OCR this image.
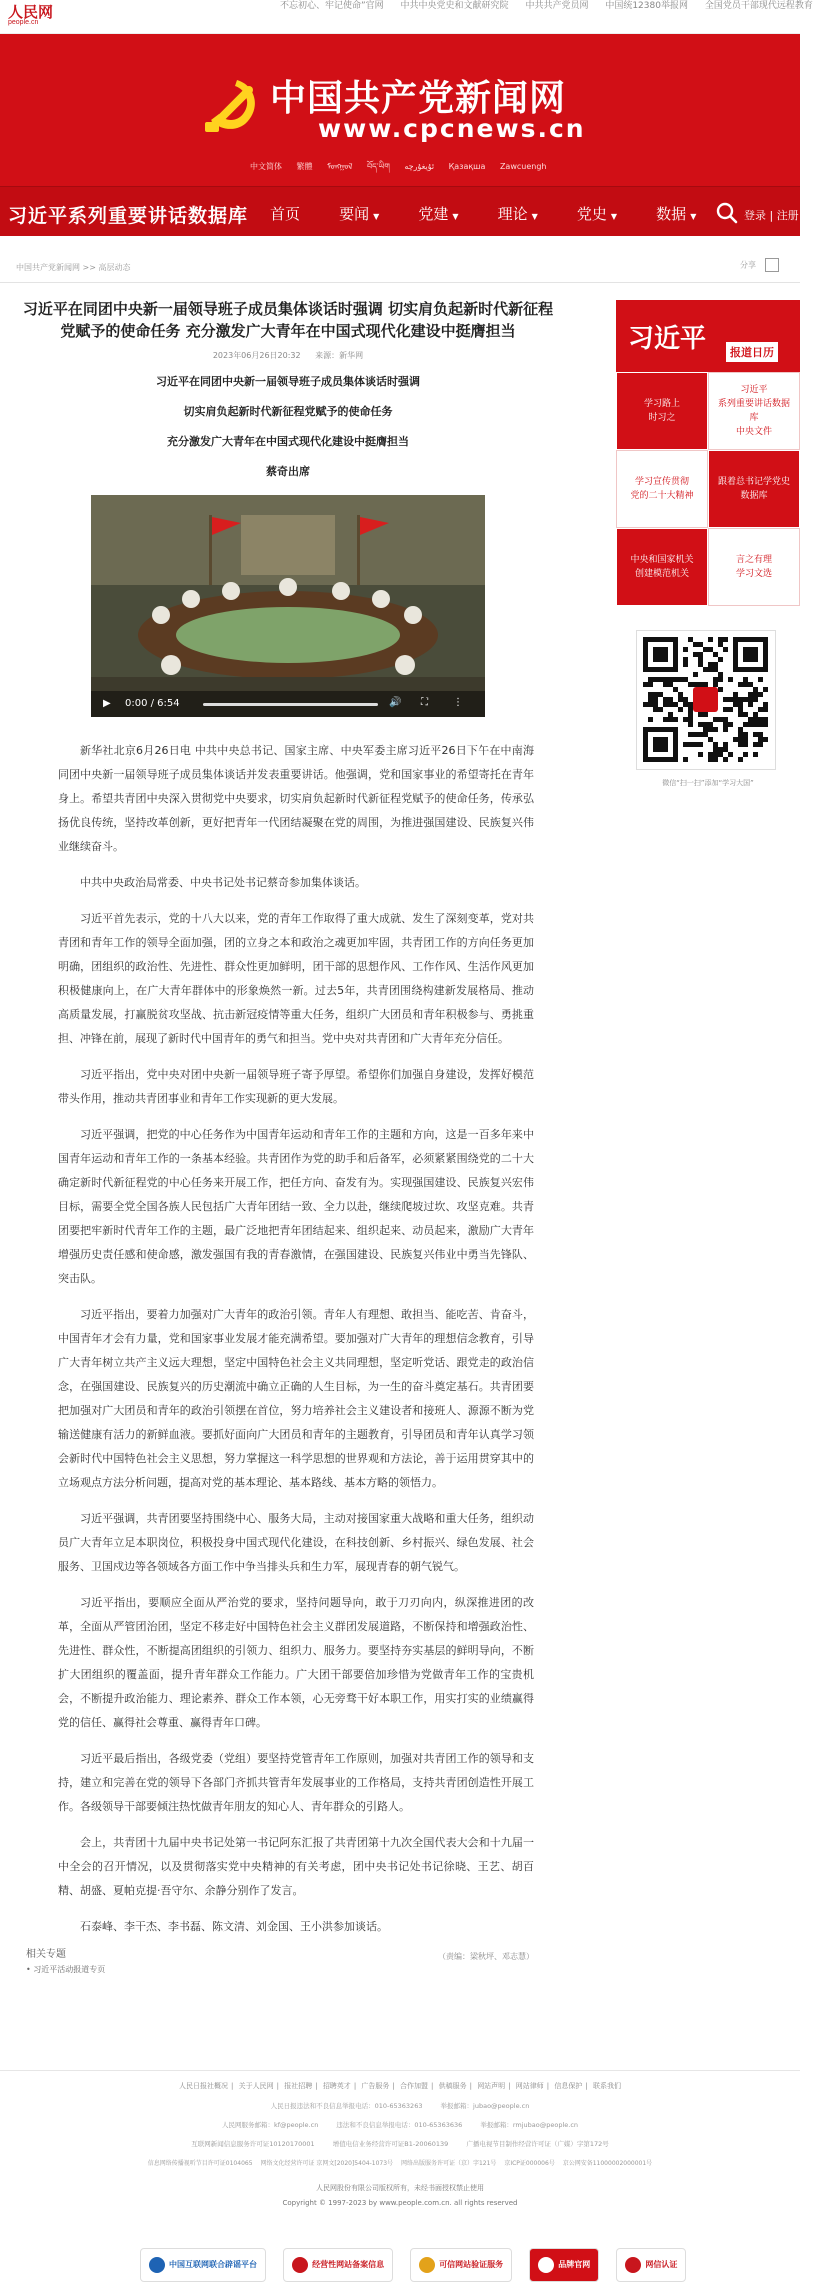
人民网
people.cn
不忘初心、牢记使命”官网 中共中央党史和文献研究院 中共共产党员网 中国统12380举报网 全国党员干部现代远程教育
中国共产党新闻网
www.cpcnews.cn
中文简体 繁體 ᠮᠣᠩᠭᠣᠯ བོད་ཡིག ئۇيغۇرچە Қазақша Zawcuengh
习近平系列重要讲话数据库 首页	要闻 ▼	党建 ▼	理论 ▼	党史 ▼	数据 ▼	登录 | 注册
中国共产党新闻网 >> 高层动态	分享
习近平在同团中央新一届领导班子成员集体谈话时强调 切实肩负起新时代新征程党赋予的使命任务 充分激发广大青年在中国式现代化建设中挺膺担当
2023年06月26日20:32 来源：新华网

习近平在同团中央新一届领导班子成员集体谈话时强调

切实肩负起新时代新征程党赋予的使命任务

充分激发广大青年在中国式现代化建设中挺膺担当

蔡奇出席

▶ 0:00 / 6:54	🔊 ⛶	⋮

新华社北京6月26日电 中共中央总书记、国家主席、中央军委主席习近平26日下午在中南海同团中央新一届领导班子成员集体谈话并发表重要讲话。他强调，党和国家事业的希望寄托在青年身上。希望共青团中央深入贯彻党中央要求，切实肩负起新时代新征程党赋予的使命任务，传承弘扬优良传统，坚持改革创新，更好把青年一代团结凝聚在党的周围，为推进强国建设、民族复兴伟业继续奋斗。

中共中央政治局常委、中央书记处书记蔡奇参加集体谈话。

习近平首先表示，党的十八大以来，党的青年工作取得了重大成就、发生了深刻变革，党对共青团和青年工作的领导全面加强，团的立身之本和政治之魂更加牢固，共青团工作的方向任务更加明确，团组织的政治性、先进性、群众性更加鲜明，团干部的思想作风、工作作风、生活作风更加积极健康向上，在广大青年群体中的形象焕然一新。过去5年，共青团围绕构建新发展格局、推动高质量发展，打赢脱贫攻坚战、抗击新冠疫情等重大任务，组织广大团员和青年积极参与、勇挑重担、冲锋在前，展现了新时代中国青年的勇气和担当。党中央对共青团和广大青年充分信任。

习近平指出，党中央对团中央新一届领导班子寄予厚望。希望你们加强自身建设，发挥好模范带头作用，推动共青团事业和青年工作实现新的更大发展。

习近平强调，把党的中心任务作为中国青年运动和青年工作的主题和方向，这是一百多年来中国青年运动和青年工作的一条基本经验。共青团作为党的助手和后备军，必须紧紧围绕党的二十大确定新时代新征程党的中心任务来开展工作，把任方向、奋发有为。实现强国建设、民族复兴宏伟目标，需要全党全国各族人民包括广大青年团结一致、全力以赴，继续爬坡过坎、攻坚克难。共青团要把牢新时代青年工作的主题，最广泛地把青年团结起来、组织起来、动员起来，激励广大青年增强历史责任感和使命感，激发强国有我的青春激情，在强国建设、民族复兴伟业中勇当先锋队、突击队。

习近平指出，要着力加强对广大青年的政治引领。青年人有理想、敢担当、能吃苦、肯奋斗，中国青年才会有力量，党和国家事业发展才能充满希望。要加强对广大青年的理想信念教育，引导广大青年树立共产主义远大理想，坚定中国特色社会主义共同理想，坚定听党话、跟党走的政治信念，在强国建设、民族复兴的历史潮流中确立正确的人生目标，为一生的奋斗奠定基石。共青团要把加强对广大团员和青年的政治引领摆在首位，努力培养社会主义建设者和接班人、源源不断为党输送健康有活力的新鲜血液。要抓好面向广大团员和青年的主题教育，引导团员和青年认真学习领会新时代中国特色社会主义思想，努力掌握这一科学思想的世界观和方法论，善于运用贯穿其中的立场观点方法分析问题，提高对党的基本理论、基本路线、基本方略的领悟力。

习近平强调，共青团要坚持围绕中心、服务大局，主动对接国家重大战略和重大任务，组织动员广大青年立足本职岗位，积极投身中国式现代化建设，在科技创新、乡村振兴、绿色发展、社会服务、卫国戍边等各领域各方面工作中争当排头兵和生力军，展现青春的朝气锐气。

习近平指出，要顺应全面从严治党的要求，坚持问题导向，敢于刀刃向内，纵深推进团的改革，全面从严管团治团，坚定不移走好中国特色社会主义群团发展道路，不断保持和增强政治性、先进性、群众性，不断提高团组织的引领力、组织力、服务力。要坚持夯实基层的鲜明导向，不断扩大团组织的覆盖面，提升青年群众工作能力。广大团干部要倍加珍惜为党做青年工作的宝贵机会，不断提升政治能力、理论素养、群众工作本领，心无旁骛干好本职工作，用实打实的业绩赢得党的信任、赢得社会尊重、赢得青年口碑。

习近平最后指出，各级党委（党组）要坚持党管青年工作原则，加强对共青团工作的领导和支持，建立和完善在党的领导下各部门齐抓共管青年发展事业的工作格局，支持共青团创造性开展工作。各级领导干部要倾注热忱做青年朋友的知心人、青年群众的引路人。

会上，共青团十九届中央书记处第一书记阿东汇报了共青团第十九次全国代表大会和十九届一中全会的召开情况，以及贯彻落实党中央精神的有关考虑，团中央书记处书记徐晓、王艺、胡百精、胡盛、夏帕克提·吾守尔、余静分别作了发言。

石泰峰、李干杰、李书磊、陈文清、刘金国、王小洪参加谈话。

（责编：梁秋坪、邓志慧）
相关专题
• 习近平活动报道专页
习近平	报道日历
学习路上
时习之
习近平
系列重要讲话数据库
中央文件
学习宣传贯彻
党的二十大精神
跟着总书记学党史
数据库
中央和国家机关
创建模范机关
言之有理
学习文选
微信“扫一扫”添加“学习大国”
人民日报社概况 | 关于人民网 | 报社招聘 | 招聘英才 | 广告服务 | 合作加盟 | 供稿服务 | 网站声明 | 网站律师 | 信息保护 | 联系我们
人民日报违法和不良信息举报电话：010-65363263	举报邮箱：jubao@people.cn
人民网服务邮箱：kf@people.cn	违法和不良信息举报电话：010-65363636	举报邮箱：rmjubao@people.cn
互联网新闻信息服务许可证10120170001	增值电信业务经营许可证B1-20060139	广播电视节目制作经营许可证（广媒）字第172号
信息网络传播视听节目许可证0104065 网络文化经营许可证 京网文[2020]5404-1073号 网络出版服务许可证（京）字121号 京ICP证000006号 京公网安备11000002000001号
人民网股份有限公司版权所有，未经书面授权禁止使用
Copyright © 1997-2023 by www.people.com.cn. all rights reserved
中国互联网联合辟谣平台	经营性网站备案信息	可信网站验证服务	品牌官网	网信认证
